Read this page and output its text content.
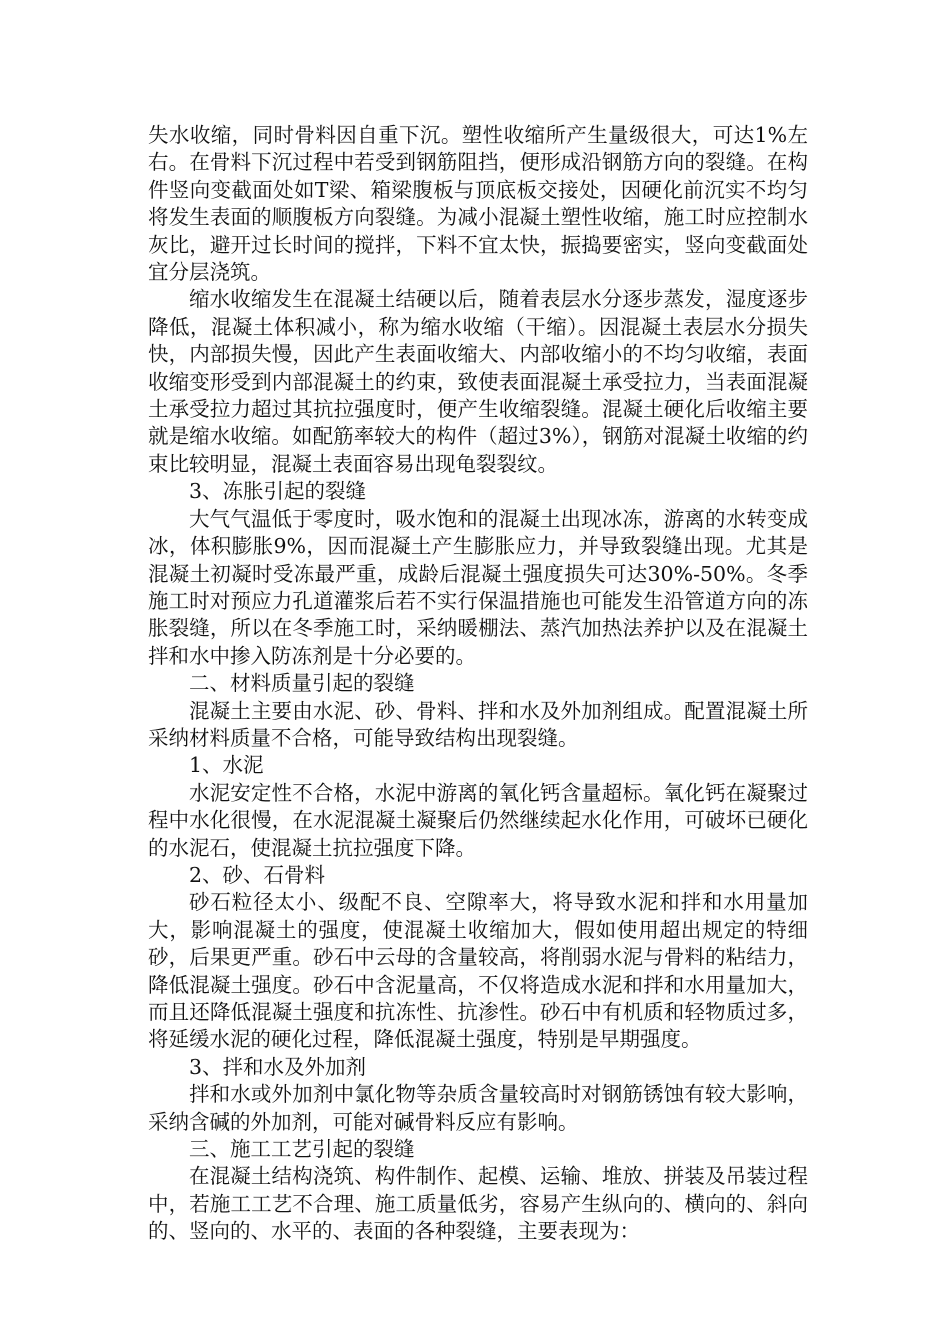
失水收缩，同时骨料因自重下沉。塑性收缩所产生量级很大，可达1%左右。在骨料下沉过程中若受到钢筋阻挡，便形成沿钢筋方向的裂缝。在构件竖向变截面处如T梁、箱梁腹板与顶底板交接处，因硬化前沉实不均匀将发生表面的顺腹板方向裂缝。为减小混凝土塑性收缩，施工时应控制水灰比，避开过长时间的搅拌，下料不宜太快，振捣要密实，竖向变截面处宜分层浇筑。

缩水收缩发生在混凝土结硬以后，随着表层水分逐步蒸发，湿度逐步降低，混凝土体积减小，称为缩水收缩（干缩）。因混凝土表层水分损失快，内部损失慢，因此产生表面收缩大、内部收缩小的不均匀收缩，表面收缩变形受到内部混凝土的约束，致使表面混凝土承受拉力，当表面混凝土承受拉力超过其抗拉强度时，便产生收缩裂缝。混凝土硬化后收缩主要就是缩水收缩。如配筋率较大的构件（超过3%），钢筋对混凝土收缩的约束比较明显，混凝土表面容易出现龟裂裂纹。

3、冻胀引起的裂缝

大气气温低于零度时，吸水饱和的混凝土出现冰冻，游离的水转变成冰，体积膨胀9%，因而混凝土产生膨胀应力，并导致裂缝出现。尤其是混凝土初凝时受冻最严重，成龄后混凝土强度损失可达30%-50%。冬季施工时对预应力孔道灌浆后若不实行保温措施也可能发生沿管道方向的冻胀裂缝，所以在冬季施工时，采纳暖棚法、蒸汽加热法养护以及在混凝土拌和水中掺入防冻剂是十分必要的。

二、材料质量引起的裂缝

混凝土主要由水泥、砂、骨料、拌和水及外加剂组成。配置混凝土所采纳材料质量不合格，可能导致结构出现裂缝。

1、水泥

水泥安定性不合格，水泥中游离的氧化钙含量超标。氧化钙在凝聚过程中水化很慢，在水泥混凝土凝聚后仍然继续起水化作用，可破坏已硬化的水泥石，使混凝土抗拉强度下降。

2、砂、石骨料

砂石粒径太小、级配不良、空隙率大，将导致水泥和拌和水用量加大，影响混凝土的强度，使混凝土收缩加大，假如使用超出规定的特细砂，后果更严重。砂石中云母的含量较高，将削弱水泥与骨料的粘结力，降低混凝土强度。砂石中含泥量高，不仅将造成水泥和拌和水用量加大，而且还降低混凝土强度和抗冻性、抗渗性。砂石中有机质和轻物质过多，将延缓水泥的硬化过程，降低混凝土强度，特别是早期强度。

3、拌和水及外加剂

拌和水或外加剂中氯化物等杂质含量较高时对钢筋锈蚀有较大影响，采纳含碱的外加剂，可能对碱骨料反应有影响。

三、施工工艺引起的裂缝

在混凝土结构浇筑、构件制作、起模、运输、堆放、拼装及吊装过程中，若施工工艺不合理、施工质量低劣，容易产生纵向的、横向的、斜向的、竖向的、水平的、表面的各种裂缝，主要表现为：
